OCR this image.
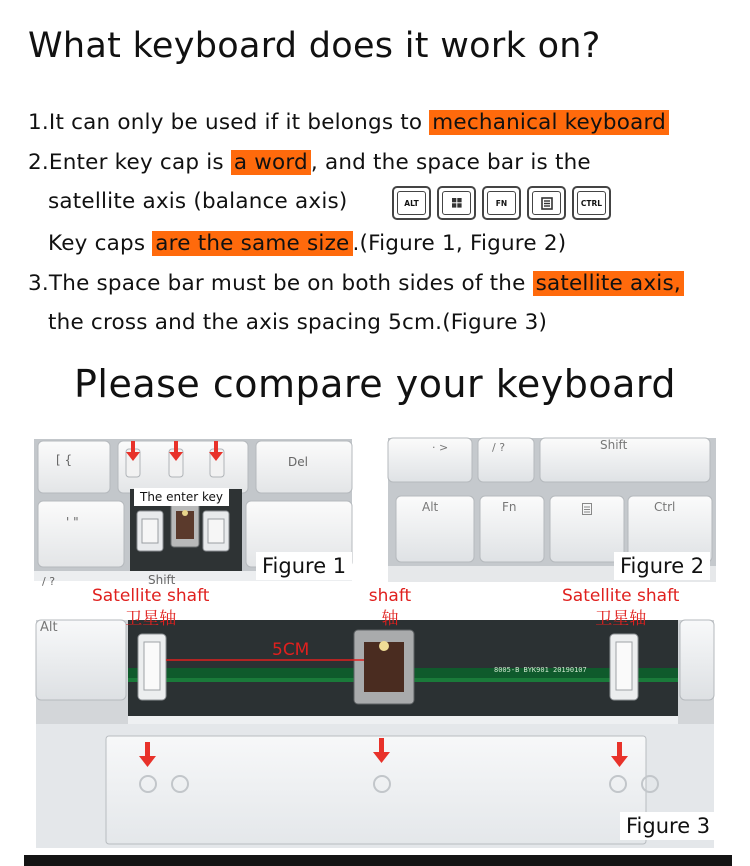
What keyboard does it work on?
1.It can only be used if it belongs to mechanical keyboard
2.Enter key cap is a word , and the space bar is the
satellite axis (balance axis)	ALT	FN	CTRL
Key caps are the same size .(Figure 1, Figure 2)
3.The space bar must be on both sides of the satellite axis,
the cross and the axis spacing 5cm.(Figure 3)
Please compare your keyboard
[ {	Del
' "
/ ?	Shift
The enter key
Figure 1
· >	/ ?	Shift
Alt	Fn	Ctrl
Figure 2
Alt
8005-B BYK901 20190107
Satellite shaft
卫星轴
shaft
轴
Satellite shaft
卫星轴
5CM
Figure 3
